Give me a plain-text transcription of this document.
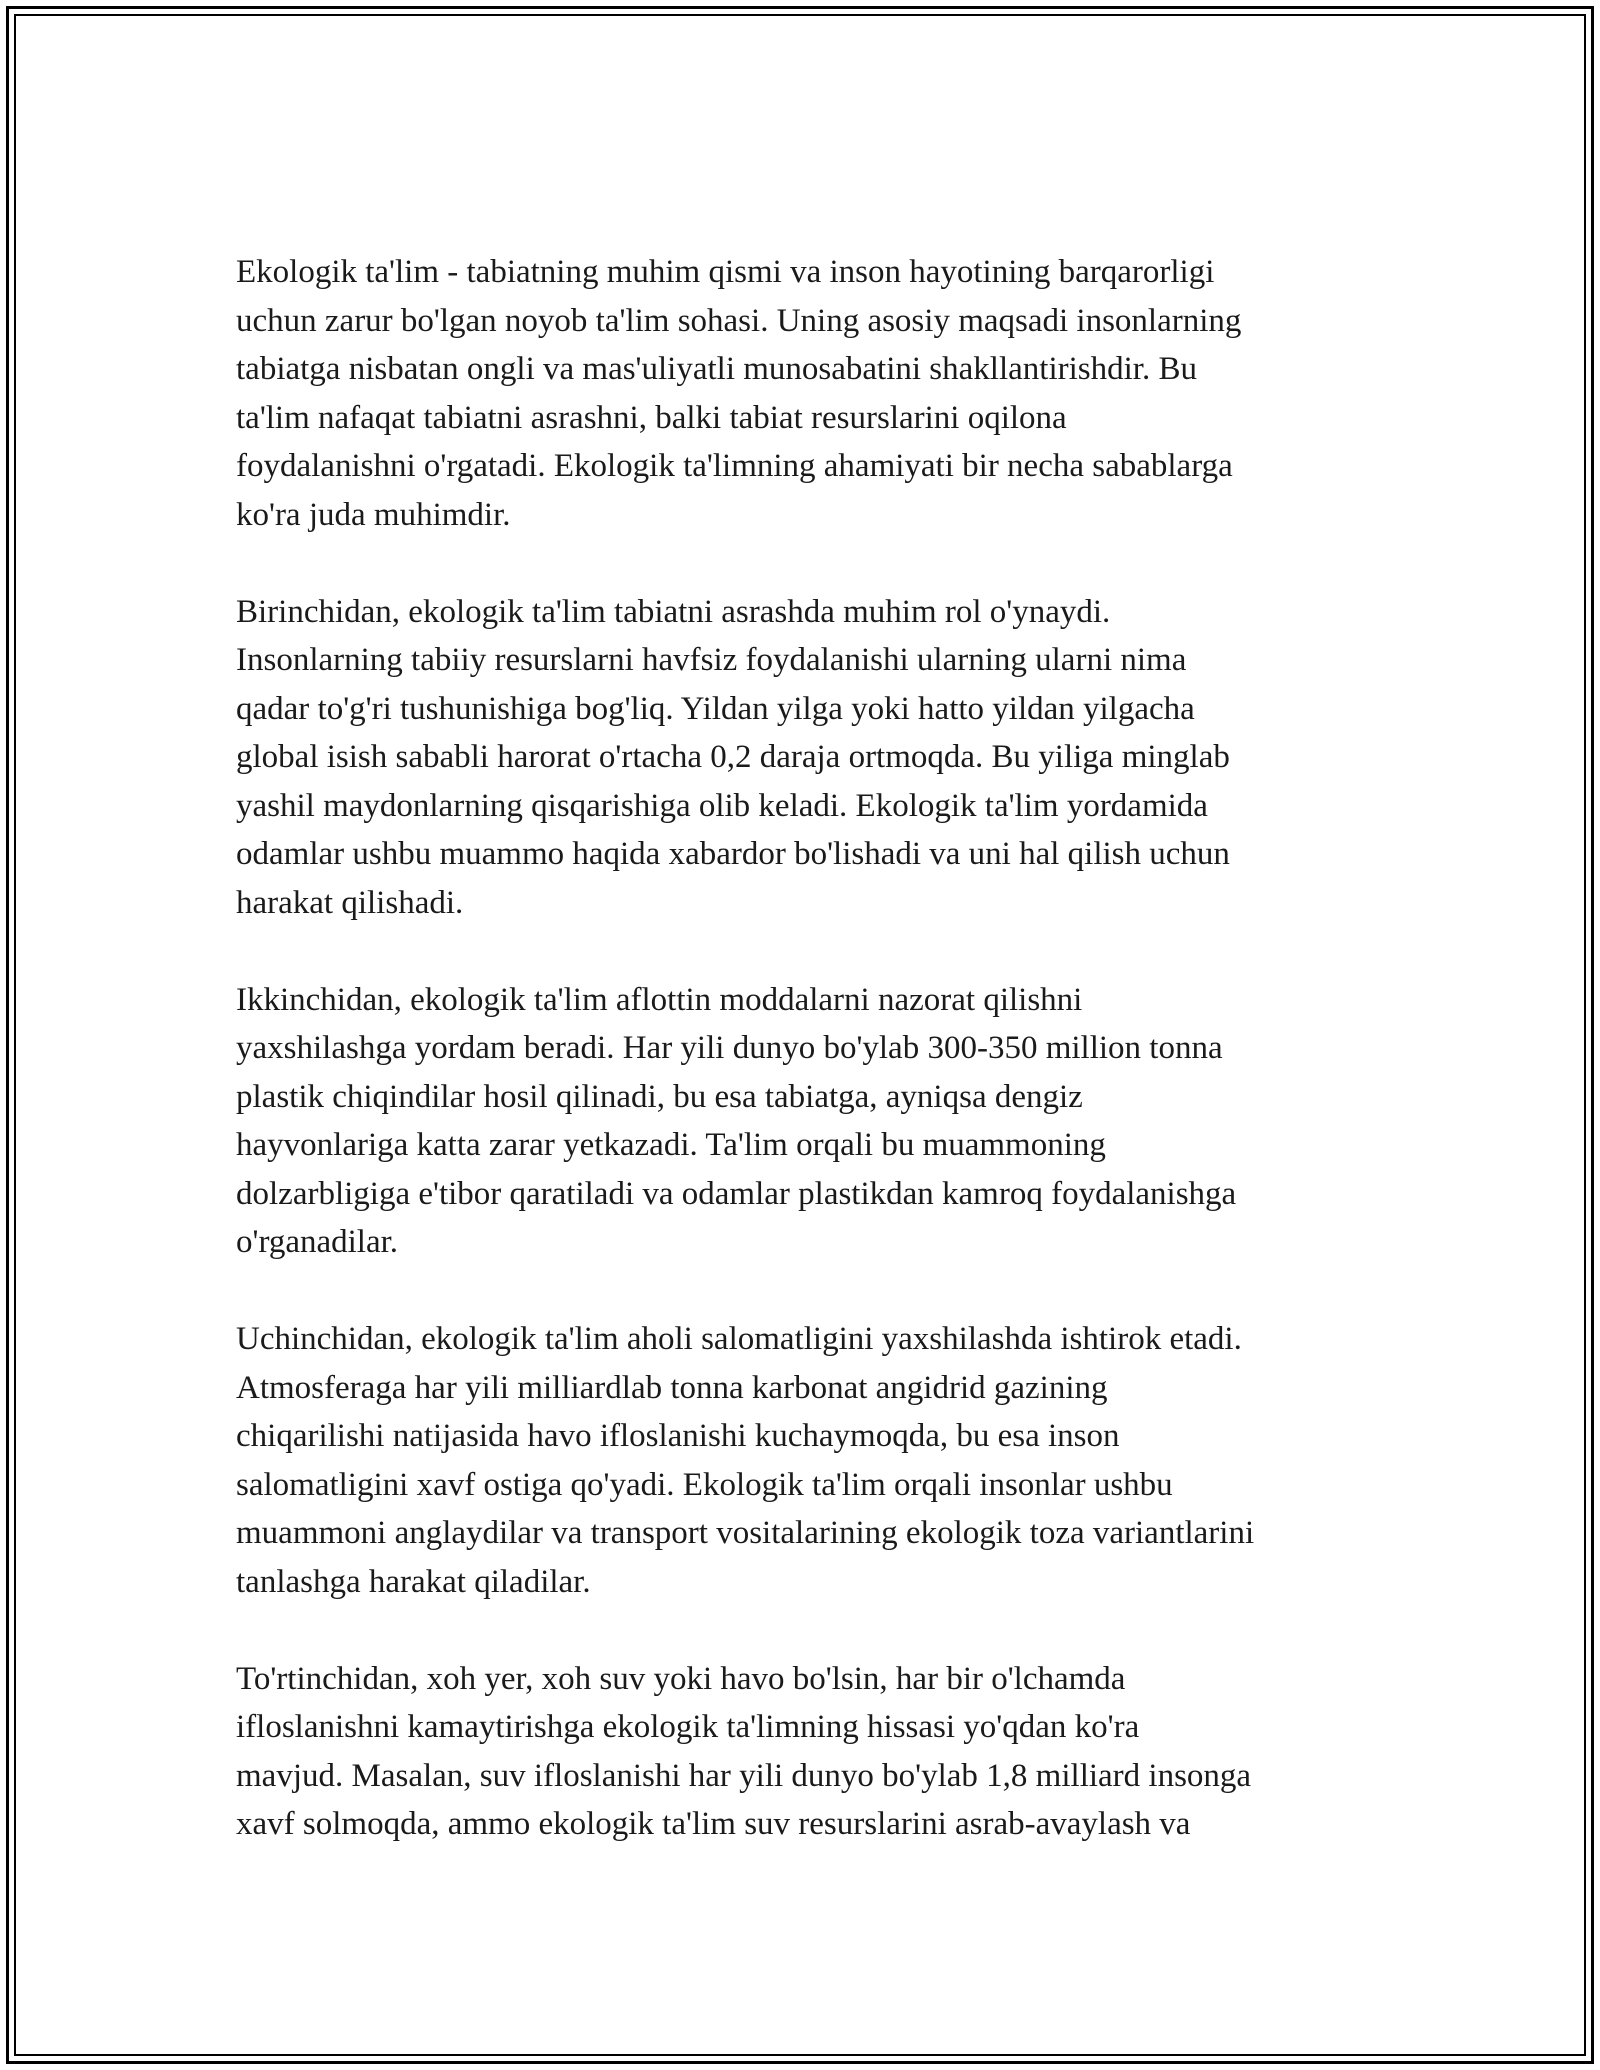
Ekologik ta'lim - tabiatning muhim qismi va inson hayotining barqarorligi
uchun zarur bo'lgan noyob ta'lim sohasi. Uning asosiy maqsadi insonlarning
tabiatga nisbatan ongli va mas'uliyatli munosabatini shakllantirishdir. Bu
ta'lim nafaqat tabiatni asrashni, balki tabiat resurslarini oqilona
foydalanishni o'rgatadi. Ekologik ta'limning ahamiyati bir necha sabablarga
ko'ra juda muhimdir.

Birinchidan, ekologik ta'lim tabiatni asrashda muhim rol o'ynaydi.
Insonlarning tabiiy resurslarni havfsiz foydalanishi ularning ularni nima
qadar to'g'ri tushunishiga bog'liq. Yildan yilga yoki hatto yildan yilgacha
global isish sababli harorat o'rtacha 0,2 daraja ortmoqda. Bu yiliga minglab
yashil maydonlarning qisqarishiga olib keladi. Ekologik ta'lim yordamida
odamlar ushbu muammo haqida xabardor bo'lishadi va uni hal qilish uchun
harakat qilishadi.

Ikkinchidan, ekologik ta'lim aflottin moddalarni nazorat qilishni
yaxshilashga yordam beradi. Har yili dunyo bo'ylab 300-350 million tonna
plastik chiqindilar hosil qilinadi, bu esa tabiatga, ayniqsa dengiz
hayvonlariga katta zarar yetkazadi. Ta'lim orqali bu muammoning
dolzarbligiga e'tibor qaratiladi va odamlar plastikdan kamroq foydalanishga
o'rganadilar.

Uchinchidan, ekologik ta'lim aholi salomatligini yaxshilashda ishtirok etadi.
Atmosferaga har yili milliardlab tonna karbonat angidrid gazining
chiqarilishi natijasida havo ifloslanishi kuchaymoqda, bu esa inson
salomatligini xavf ostiga qo'yadi. Ekologik ta'lim orqali insonlar ushbu
muammoni anglaydilar va transport vositalarining ekologik toza variantlarini
tanlashga harakat qiladilar.

To'rtinchidan, xoh yer, xoh suv yoki havo bo'lsin, har bir o'lchamda
ifloslanishni kamaytirishga ekologik ta'limning hissasi yo'qdan ko'ra
mavjud. Masalan, suv ifloslanishi har yili dunyo bo'ylab 1,8 milliard insonga
xavf solmoqda, ammo ekologik ta'lim suv resurslarini asrab-avaylash va
